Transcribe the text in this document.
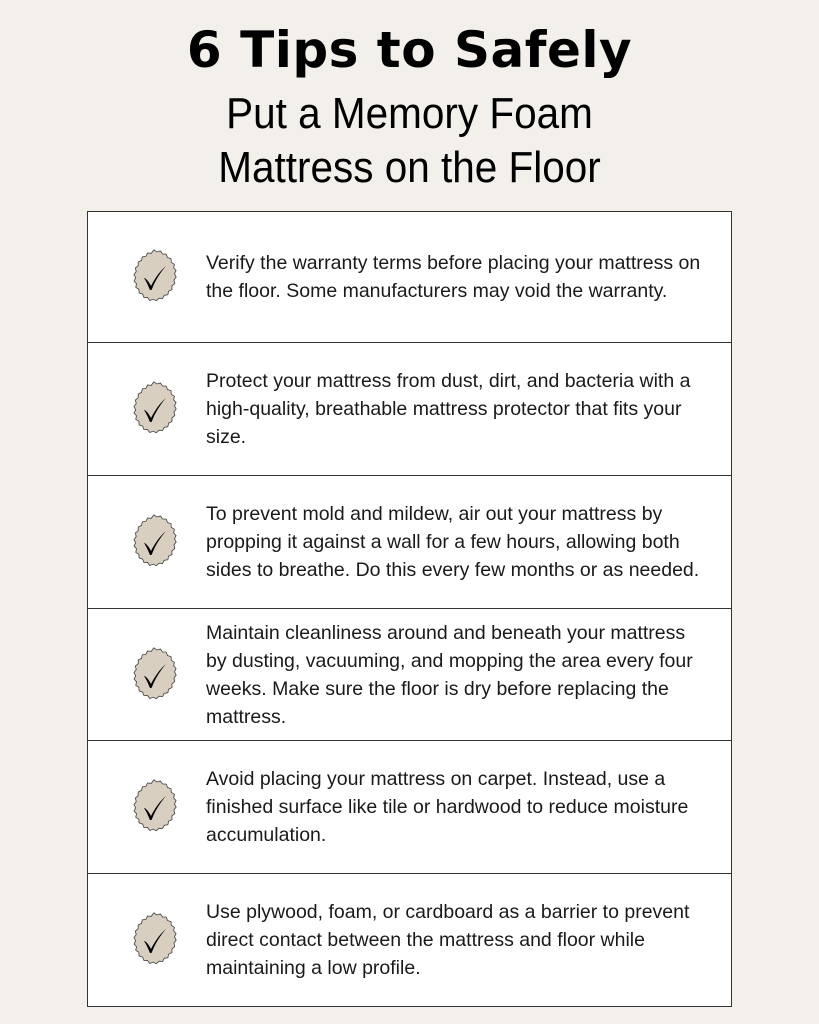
6 Tips to Safely
Put a Memory Foam
Mattress on the Floor
Verify the warranty terms before placing your mattress on the floor. Some manufacturers may void the warranty.
Protect your mattress from dust, dirt, and bacteria with a high-quality, breathable mattress protector that fits your size.
To prevent mold and mildew, air out your mattress by propping it against a wall for a few hours, allowing both sides to breathe. Do this every few months or as needed.
Maintain cleanliness around and beneath your mattress by dusting, vacuuming, and mopping the area every four weeks. Make sure the floor is dry before replacing the mattress.
Avoid placing your mattress on carpet. Instead, use a finished surface like tile or hardwood to reduce moisture accumulation.
Use plywood, foam, or cardboard as a barrier to prevent direct contact between the mattress and floor while maintaining a low profile.
